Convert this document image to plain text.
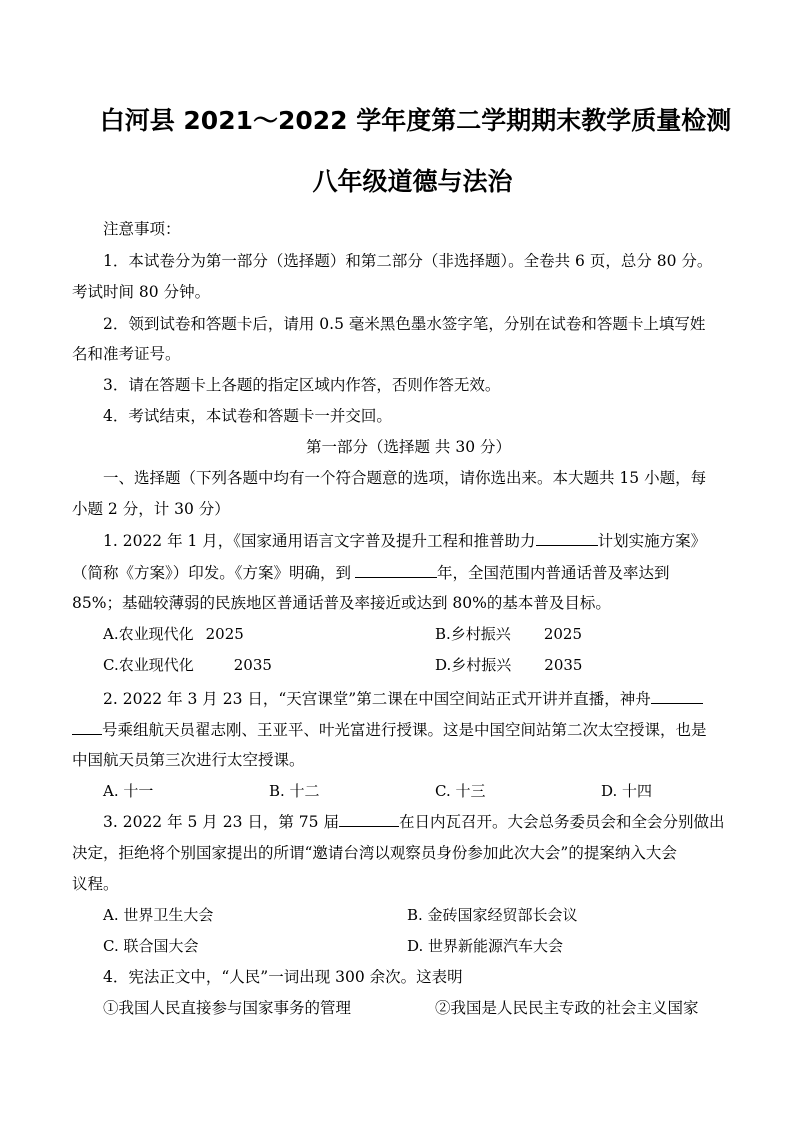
白河县 2021～2022 学年度第二学期期末教学质量检测
八年级道德与法治
注意事项：
1．本试卷分为第一部分（选择题）和第二部分（非选择题）。全卷共 6 页，总分 80 分。
考试时间 80 分钟。
2．领到试卷和答题卡后，请用 0.5 毫米黑色墨水签字笔，分别在试卷和答题卡上填写姓
名和准考证号。
3．请在答题卡上各题的指定区域内作答，否则作答无效。
4．考试结束，本试卷和答题卡一并交回。
第一部分（选择题 共 30 分）
一、选择题（下列各题中均有一个符合题意的选项，请你选出来。本大题共 15 小题，每
小题 2 分，计 30 分）
1. 2022 年 1 月，《国家通用语言文字普及提升工程和推普助力	计划实施方案》
（简称《方案》）印发。《方案》明确，到	年，全国范围内普通话普及率达到
85%；基础较薄弱的民族地区普通话普及率接近或达到 80%的基本普及目标。
A.农业现代化 2025	B.乡村振兴 2025
C.农业现代化	2035	D.乡村振兴 2035
2. 2022 年 3 月 23 日，“天宫课堂”第二课在中国空间站正式开讲并直播，神舟
号乘组航天员翟志刚、王亚平、叶光富进行授课。这是中国空间站第二次太空授课，也是
中国航天员第三次进行太空授课。
A. 十一	B. 十二	C. 十三	D. 十四
3. 2022 年 5 月 23 日，第 75 届	在日内瓦召开。大会总务委员会和全会分别做出
决定，拒绝将个别国家提出的所谓“邀请台湾以观察员身份参加此次大会”的提案纳入大会
议程。
A. 世界卫生大会	B. 金砖国家经贸部长会议
C. 联合国大会	D. 世界新能源汽车大会
4．宪法正文中，“人民”一词出现 300 余次。这表明
①我国人民直接参与国家事务的管理	②我国是人民民主专政的社会主义国家
